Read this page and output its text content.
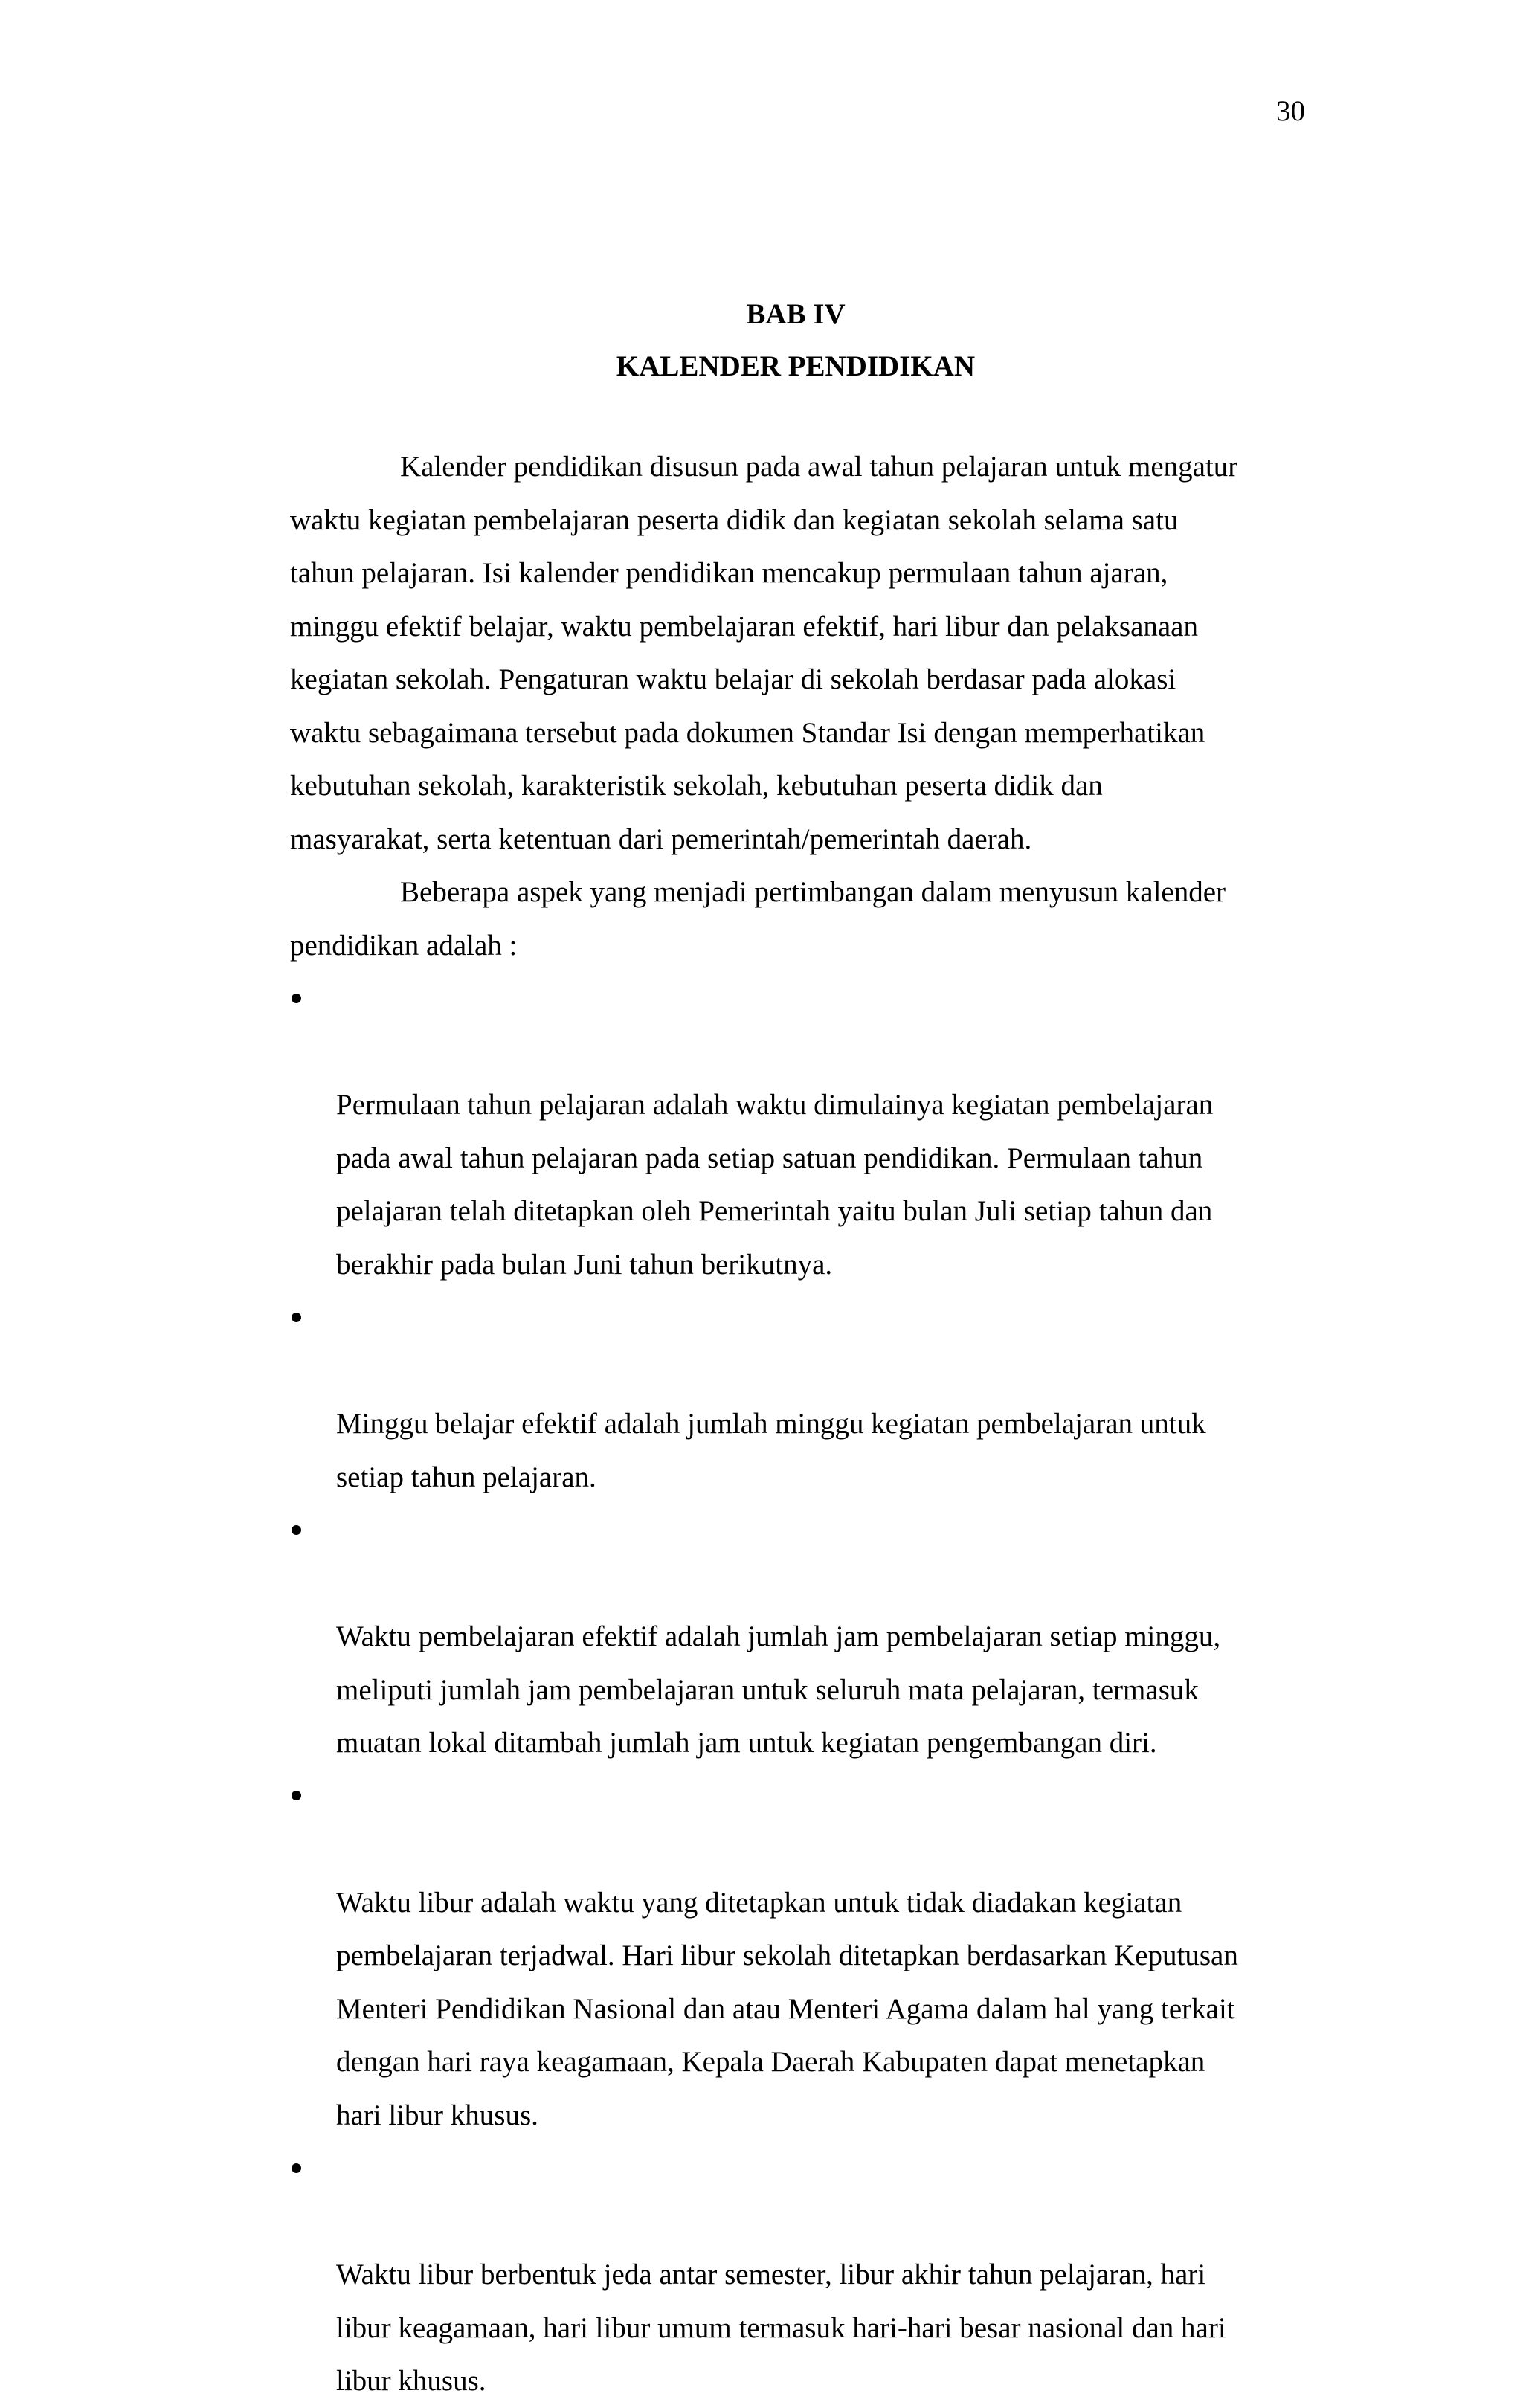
30
BAB IV
KALENDER PENDIDIKAN

Kalender pendidikan disusun pada awal tahun pelajaran untuk mengatur
waktu kegiatan pembelajaran peserta didik dan kegiatan sekolah selama satu
tahun pelajaran. Isi kalender pendidikan mencakup permulaan tahun ajaran,
minggu efektif belajar, waktu pembelajaran efektif, hari libur dan pelaksanaan
kegiatan sekolah. Pengaturan waktu belajar di sekolah berdasar pada alokasi
waktu sebagaimana tersebut pada dokumen Standar Isi dengan memperhatikan
kebutuhan sekolah, karakteristik sekolah, kebutuhan peserta didik dan
masyarakat, serta ketentuan dari pemerintah/pemerintah daerah.

Beberapa aspek yang menjadi pertimbangan dalam menyusun kalender
pendidikan adalah :

Permulaan tahun pelajaran adalah waktu dimulainya kegiatan pembelajaran
pada awal tahun pelajaran pada setiap satuan pendidikan. Permulaan tahun
pelajaran telah ditetapkan oleh Pemerintah yaitu bulan Juli setiap tahun dan
berakhir pada bulan Juni tahun berikutnya.

Minggu belajar efektif adalah jumlah minggu kegiatan pembelajaran untuk
setiap tahun pelajaran.

Waktu pembelajaran efektif adalah jumlah jam pembelajaran setiap minggu,
meliputi jumlah jam pembelajaran untuk seluruh mata pelajaran, termasuk
muatan lokal ditambah jumlah jam untuk kegiatan pengembangan diri.

Waktu libur adalah waktu yang ditetapkan untuk tidak diadakan kegiatan
pembelajaran terjadwal. Hari libur sekolah ditetapkan berdasarkan Keputusan
Menteri Pendidikan Nasional dan atau Menteri Agama dalam hal yang terkait
dengan hari raya keagamaan, Kepala Daerah Kabupaten dapat menetapkan
hari libur khusus.

Waktu libur berbentuk jeda antar semester, libur akhir tahun pelajaran, hari
libur keagamaan, hari libur umum termasuk hari-hari besar nasional dan hari
libur khusus.
